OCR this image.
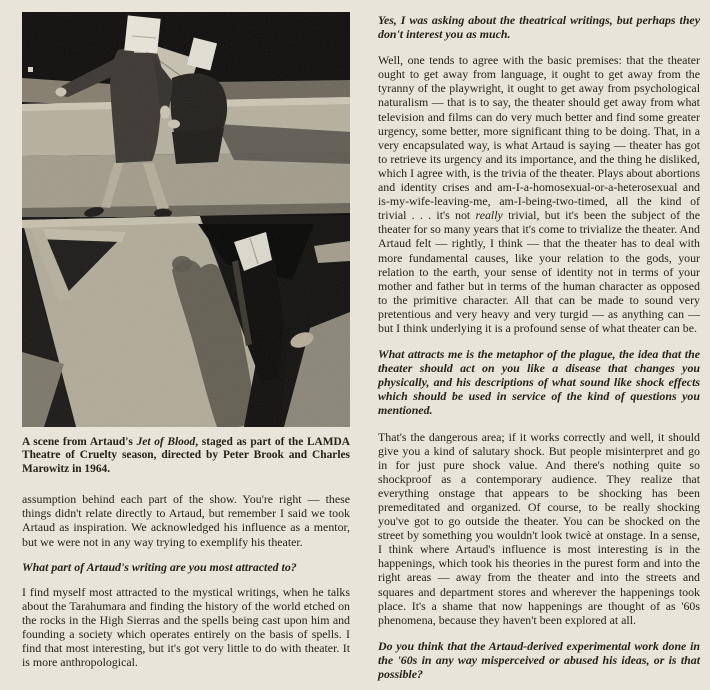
A scene from Artaud's Jet of Blood, staged as part of the LAMDA Theatre of Cruelty season, directed by Peter Brook and Charles Marowitz in 1964.

assumption behind each part of the show. You're right — these things didn't relate directly to Artaud, but remember I said we took Artaud as inspiration. We acknowledged his influence as a mentor, but we were not in any way trying to exemplify his theater.

What part of Artaud's writing are you most attracted to?

I find myself most attracted to the mystical writings, when he talks about the Tarahumara and finding the history of the world etched on the rocks in the High Sierras and the spells being cast upon him and founding a society which operates entirely on the basis of spells. I find that most interesting, but it's got very little to do with theater. It is more anthropological.

Yes, I was asking about the theatrical writings, but perhaps they don't interest you as much.

Well, one tends to agree with the basic premises: that the theater ought to get away from language, it ought to get away from the tyranny of the playwright, it ought to get away from psychological naturalism — that is to say, the theater should get away from what television and films can do very much better and find some greater urgency, some better, more significant thing to be doing. That, in a very encapsulated way, is what Artaud is saying — theater has got to retrieve its urgency and its importance, and the thing he disliked, which I agree with, is the trivia of the theater. Plays about abortions and identity crises and am-I-a-homosexual-or-a-heterosexual and is-my-wife-leaving-me, am-I-being-two-timed, all the kind of trivial . . . it's not really trivial, but it's been the subject of the theater for so many years that it's come to trivialize the theater. And Artaud felt — rightly, I think — that the theater has to deal with more fundamental causes, like your relation to the gods, your relation to the earth, your sense of identity not in terms of your mother and father but in terms of the human character as opposed to the primitive character. All that can be made to sound very pretentious and very heavy and very turgid — as anything can — but I think underlying it is a profound sense of what theater can be.

What attracts me is the metaphor of the plague, the idea that the theater should act on you like a disease that changes you physically, and his descriptions of what sound like shock effects which should be used in service of the kind of questions you mentioned.

That's the dangerous area; if it works correctly and well, it should give you a kind of salutary shock. But people misinterpret and go in for just pure shock value. And there's nothing quite so shockproof as a contemporary audience. They realize that everything onstage that appears to be shocking has been premeditated and organized. Of course, to be really shocking you've got to go outside the theater. You can be shocked on the street by something you wouldn't look twicè at onstage. In a sense, I think where Artaud's influence is most interesting is in the happenings, which took his theories in the purest form and into the right areas — away from the theater and into the streets and squares and department stores and wherever the happenings took place. It's a shame that now happenings are thought of as '60s phenomena, because they haven't been explored at all.

Do you think that the Artaud-derived experimental work done in the '60s in any way misperceived or abused his ideas, or is that possible?
